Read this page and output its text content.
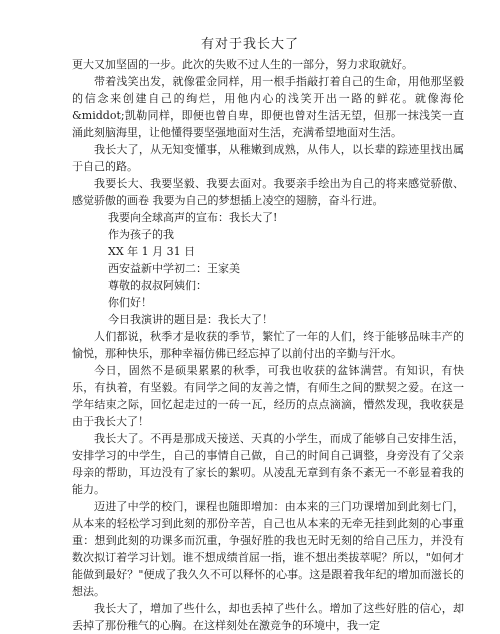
有对于我长大了

更大又加坚固的一步。此次的失败不过人生的一部分，努力求取就好。

带着浅笑出发，就像霍金同样，用一根手指敲打着自己的生命，用他那坚毅的信念来创建自己的绚烂，用他内心的浅笑开出一路的鲜花。就像海伦&middot;凯勒同样，即便也曾自卑，即便也曾对生活无望，但那一抹浅笑一直涌此刻脑海里，让他懂得要坚强地面对生活，充满希望地面对生活。

我长大了，从无知变懂事，从稚嫩到成熟，从伟人，以长辈的踪迹里找出属于自己的路。

我要长大、我要坚毅、我要去面对。我要亲手绘出为自己的将来感觉骄傲、感觉骄傲的画卷 我要为自己的梦想插上凌空的翅膀，奋斗行进。

我要向全球高声的宣布：我长大了!

作为孩子的我

XX 年 1 月 31 日

西安益新中学初二：王家美

尊敬的叔叔阿姨们：

你们好！

今日我演讲的题目是：我长大了！

人们都说，秋季才是收获的季节，繁忙了一年的人们，终于能够品味丰产的愉悦，那种快乐，那种幸福仿佛已经忘掉了以前付出的辛勤与汗水。

今日，固然不是硕果累累的秋季，可我也收获的盆钵满营。有知识，有快乐，有执着，有坚毅。有同学之间的友善之情，有师生之间的默契之爱。在这一学年结束之际，回忆起走过的一砖一瓦，经历的点点滴滴，懵然发现，我收获是由于我长大了！

我长大了。不再是那成天接送、天真的小学生，而成了能够自己安排生活，安排学习的中学生，自己的事情自己做，自己的时间自己调整，身旁没有了父亲母亲的帮助，耳边没有了家长的絮叨。从凌乱无章到有条不紊无一不彰显着我的能力。

迈进了中学的校门，课程也随即增加：由本来的三门功课增加到此刻七门，从本来的轻松学习到此刻的那份辛苦，自己也从本来的无牵无挂到此刻的心事重重：想到此刻的功课多而沉重，争强好胜的我也无时无刻的给自己压力，并没有数次拟订着学习计划。谁不想成绩首屈一指，谁不想出类拔萃呢？所以，"如何才能做到最好？"便成了我久久不可以释怀的心事。这是跟着我年纪的增加而滋长的想法。

我长大了，增加了些什么，却也丢掉了些什么。增加了这些好胜的信心，却丢掉了那份稚气的心胸。在这样刻处在激竞争的环境中，我一定
